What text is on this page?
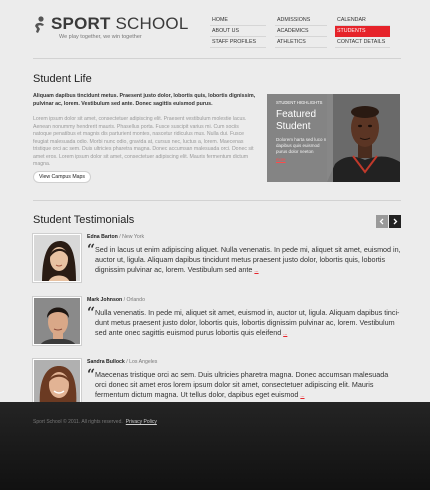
SPORT SCHOOL
We play together, we win together
HOME
ABOUT US
STAFF PROFILES
ADMISSIONS
ACADEMICS
ATHLETICS
CALENDAR
STUDENTS
CONTACT DETAILS
Student Life
Aliquam dapibus tincidunt metus. Praesent justo dolor, lobortis quis, lobortis dignissim, pulvinar ac, lorem. Vestibulum sed ante. Donec sagittis euismod purus.
Lorem ipsum dolor sit amet, consectetuer adipiscing elit. Praesent vestibulum molestie lacus. Aenean nonummy hendrerit mauris. Phasellus porta. Fusce suscipit varius mi. Cum sociis natoque penatibus et magnis dis parturient montes, nascetur ridiculus mus. Nulla dui. Fusce feugiat malesuada odio. Morbi nunc odio, gravida at, cursus nec, luctus a, lorem. Maecenas tristique orci ac sem. Duis ultricies pharetra magna. Donec accumsan malesuada orci. Donec sit amet eros. Lorem ipsum dolor sit amet, consectetuer adipiscing elit. Mauris fermentum dictum magna.
View Campus Maps
STUDENT HIGHLIGHTS
Featured
Student
Dolorem harta sed luco n dapibus quis euismod purus dolor neeton
more
Student Testimonials
Edna Barton / New York
“ Sed in lacus ut enim adipiscing aliquet. Nulla venenatis. In pede mi, aliquet sit amet, euismod in, auctor ut, ligula. Aliquam dapibus tincidunt metus praesent justo dolor, lobortis quis, lobortis dignissim pulvinar ac, lorem. Vestibulum sed ante ...
Mark Johnson / Orlando
“ Nulla venenatis. In pede mi, aliquet sit amet, euismod in, auctor ut, ligula. Aliquam dapibus tinci-dunt metus praesent justo dolor, lobortis quis, lobortis dignissim pulvinar ac, lorem. Vestibulum sed ante onec sagittis euismod purus lobortis quis eleifend ...
Sandra Bullock / Los Angeles
“ Maecenas tristique orci ac sem. Duis ultricies pharetra magna. Donec accumsan malesuada orci donec sit amet eros lorem ipsum dolor sit amet, consectetuer adipiscing elit. Mauris fermentum dictum magna. Ut tellus dolor, dapibus eget euismod ...
Sport School © 2011. All rights reserved. Privacy Policy
